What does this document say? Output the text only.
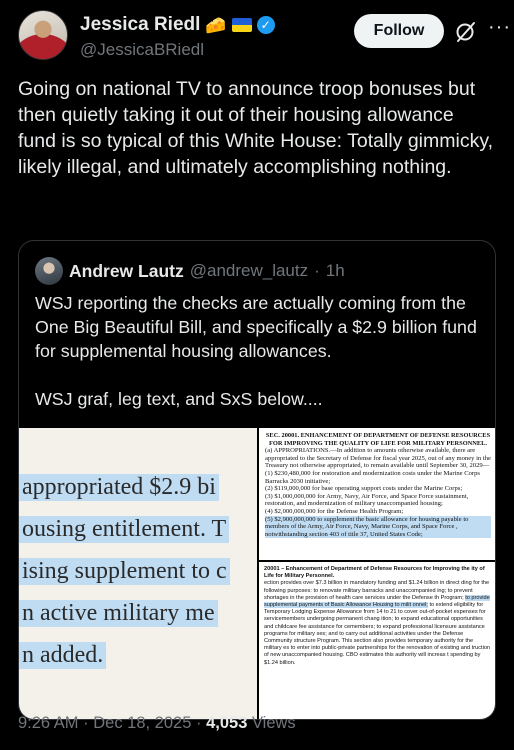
Jessica Riedl 🧀	✓
@JessicaBRiedl
Follow	···
Going on national TV to announce troop bonuses but then quietly taking it out of their housing allowance fund is so typical of this White House: Totally gimmicky, likely illegal, and ultimately accomplishing nothing.
Andrew Lautz @andrew_lautz · 1h

WSJ reporting the checks are actually coming from the One Big Beautiful Bill, and specifically a $2.9 billion fund for supplemental housing allowances.

WSJ graf, leg text, and SxS below....

appropriated $2.9 bi
ousing entitlement. T
ising supplement to c
n active military me
n added.
SEC. 20001. ENHANCEMENT OF DEPARTMENT OF DEFENSE RESOURCES FOR IMPROVING THE QUALITY OF LIFE FOR MILITARY PERSONNEL.
(a) APPROPRIATIONS.—In addition to amounts otherwise available, there are appropriated to the Secretary of Defense for fiscal year 2025, out of any money in the Treasury not otherwise appropriated, to remain available until September 30, 2029—
(1) $230,480,000 for restoration and modernization costs under the Marine Corps Barracks 2030 initiative;
(2) $119,000,000 for base operating support costs under the Marine Corps;
(3) $1,000,000,000 for Army, Navy, Air Force, and Space Force sustainment, restoration, and modernization of military unaccompanied housing;
(4) $2,000,000,000 for the Defense Health Program;
(5) $2,900,000,000 to supplement the basic allowance for housing payable to members of the Army, Air Force, Navy, Marine Corps, and Space Force , notwithstanding section 403 of title 37, United States Code;
20001 – Enhancement of Department of Defense Resources for Improving the ity of Life for Military Personnel.
ection provides over $7.3 billion in mandatory funding and $1.24 billion in direct ding for the following purposes: to renovate military barracks and unaccompanied ing; to prevent shortages in the provision of health care services under the Defense th Program; to provide supplemental payments of Basic Allowance Housing to milit onnel; to extend eligibility for Temporary Lodging Expense Allowance from 14 to 21 to cover out-of-pocket expenses for servicemembers undergoing permanent chang ition; to expand educational opportunities and childcare fee assistance for cemembers; to expand professional licensure assistance programs for military ses; and to carry out additional activities under the Defense Community structure Program. This section also provides temporary authority for the military es to enter into public-private partnerships for the renovation of existing and truction of new unaccompanied housing. CBO estimates this authority will increas t spending by $1.24 billion.
9:26 AM · Dec 18, 2025 · 4,053 Views
